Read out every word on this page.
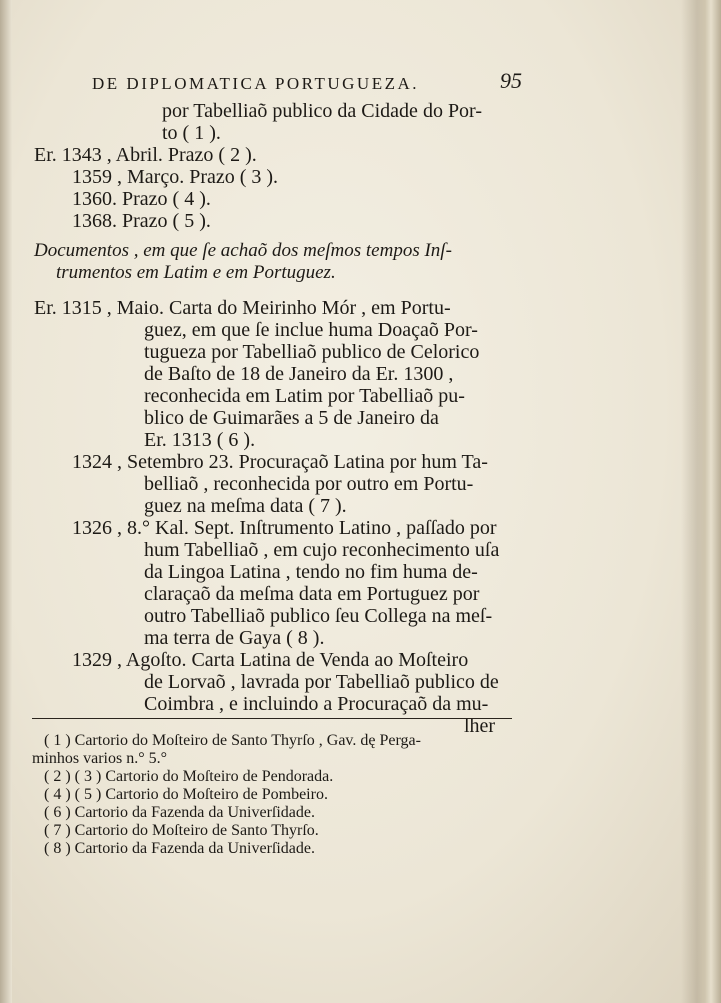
DE DIPLOMATICA PORTUGUEZA.	95
por Tabelliaõ publico da Cidade do Por-
to ( 1 ).
Er. 1343 , Abril. Prazo ( 2 ).
1359 , Março. Prazo ( 3 ).
1360. Prazo ( 4 ).
1368. Prazo ( 5 ).
Documentos , em que ſe achaõ dos meſmos tempos Inſ-
trumentos em Latim e em Portuguez.
Er. 1315 , Maio. Carta do Meirinho Mór , em Portu-
guez, em que ſe inclue huma Doaçaõ Por-
tugueza por Tabelliaõ publico de Celorico
de Baſto de 18 de Janeiro da Er. 1300 ,
reconhecida em Latim por Tabelliaõ pu-
blico de Guimarães a 5 de Janeiro da
Er. 1313 ( 6 ).
1324 , Setembro 23. Procuraçaõ Latina por hum Ta-
belliaõ , reconhecida por outro em Portu-
guez na meſma data ( 7 ).
1326 , 8.° Kal. Sept. Inſtrumento Latino , paſſado por
hum Tabelliaõ , em cujo reconhecimento uſa
da Lingoa Latina , tendo no fim huma de-
claraçaõ da meſma data em Portuguez por
outro Tabelliaõ publico ſeu Collega na meſ-
ma terra de Gaya ( 8 ).
1329 , Agoſto. Carta Latina de Venda ao Moſteiro
de Lorvaõ , lavrada por Tabelliaõ publico de
Coimbra , e incluindo a Procuraçaõ da mu-
lher
( 1 ) Cartorio do Moſteiro de Santo Thyrſo , Gav. dę Perga-
minhos varios n.° 5.°
( 2 ) ( 3 ) Cartorio do Moſteiro de Pendorada.
( 4 ) ( 5 ) Cartorio do Moſteiro de Pombeiro.
( 6 ) Cartorio da Fazenda da Univerſidade.
( 7 ) Cartorio do Moſteiro de Santo Thyrſo.
( 8 ) Cartorio da Fazenda da Univerſidade.
